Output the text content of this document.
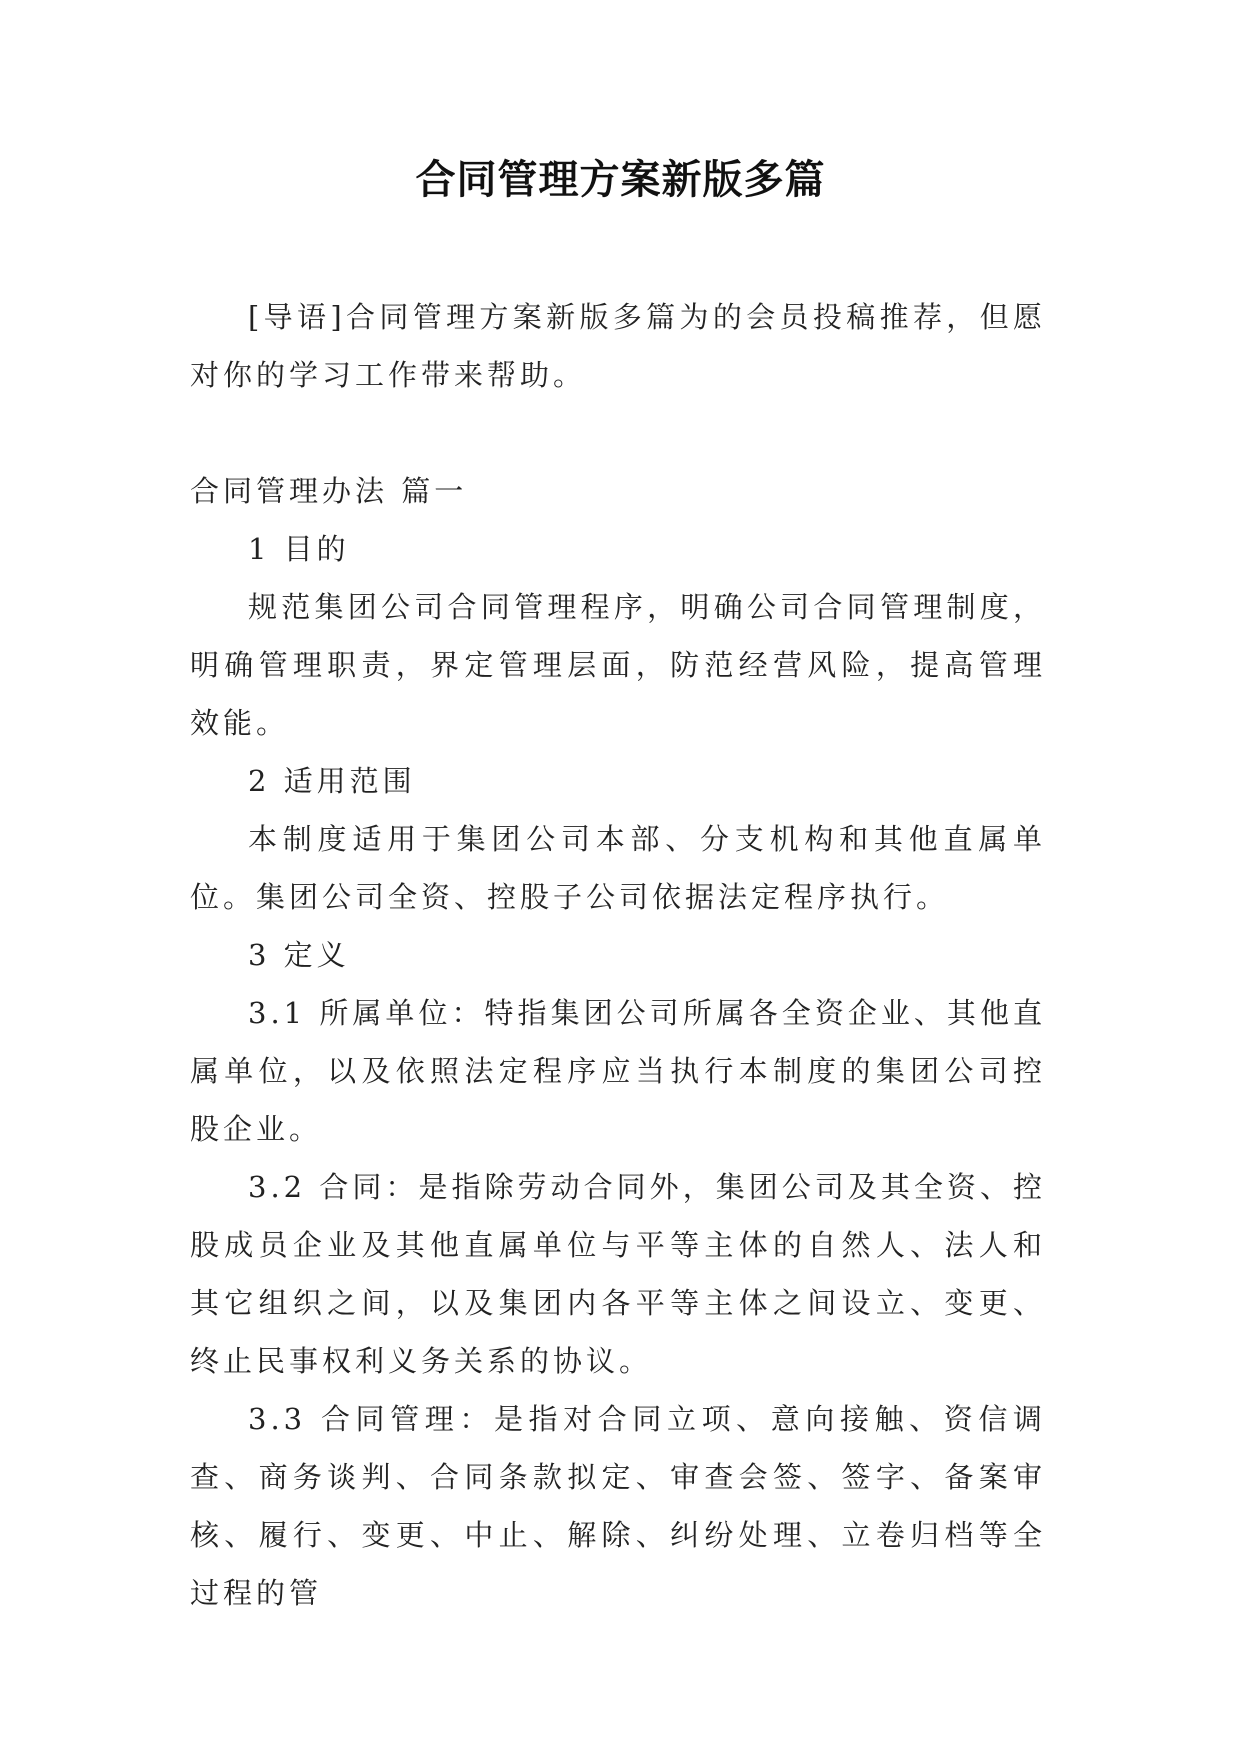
合同管理方案新版多篇

[导语]合同管理方案新版多篇为的会员投稿推荐，但愿对你的学习工作带来帮助。

合同管理办法 篇一

1 目的

规范集团公司合同管理程序，明确公司合同管理制度，明确管理职责，界定管理层面，防范经营风险，提高管理效能。

2 适用范围

本制度适用于集团公司本部、分支机构和其他直属单位。集团公司全资、控股子公司依据法定程序执行。

3 定义

3.1 所属单位：特指集团公司所属各全资企业、其他直属单位，以及依照法定程序应当执行本制度的集团公司控股企业。

3.2 合同：是指除劳动合同外，集团公司及其全资、控股成员企业及其他直属单位与平等主体的自然人、法人和其它组织之间，以及集团内各平等主体之间设立、变更、终止民事权利义务关系的协议。

3.3 合同管理：是指对合同立项、意向接触、资信调查、商务谈判、合同条款拟定、审查会签、签字、备案审核、履行、变更、中止、解除、纠纷处理、立卷归档等全过程的管
